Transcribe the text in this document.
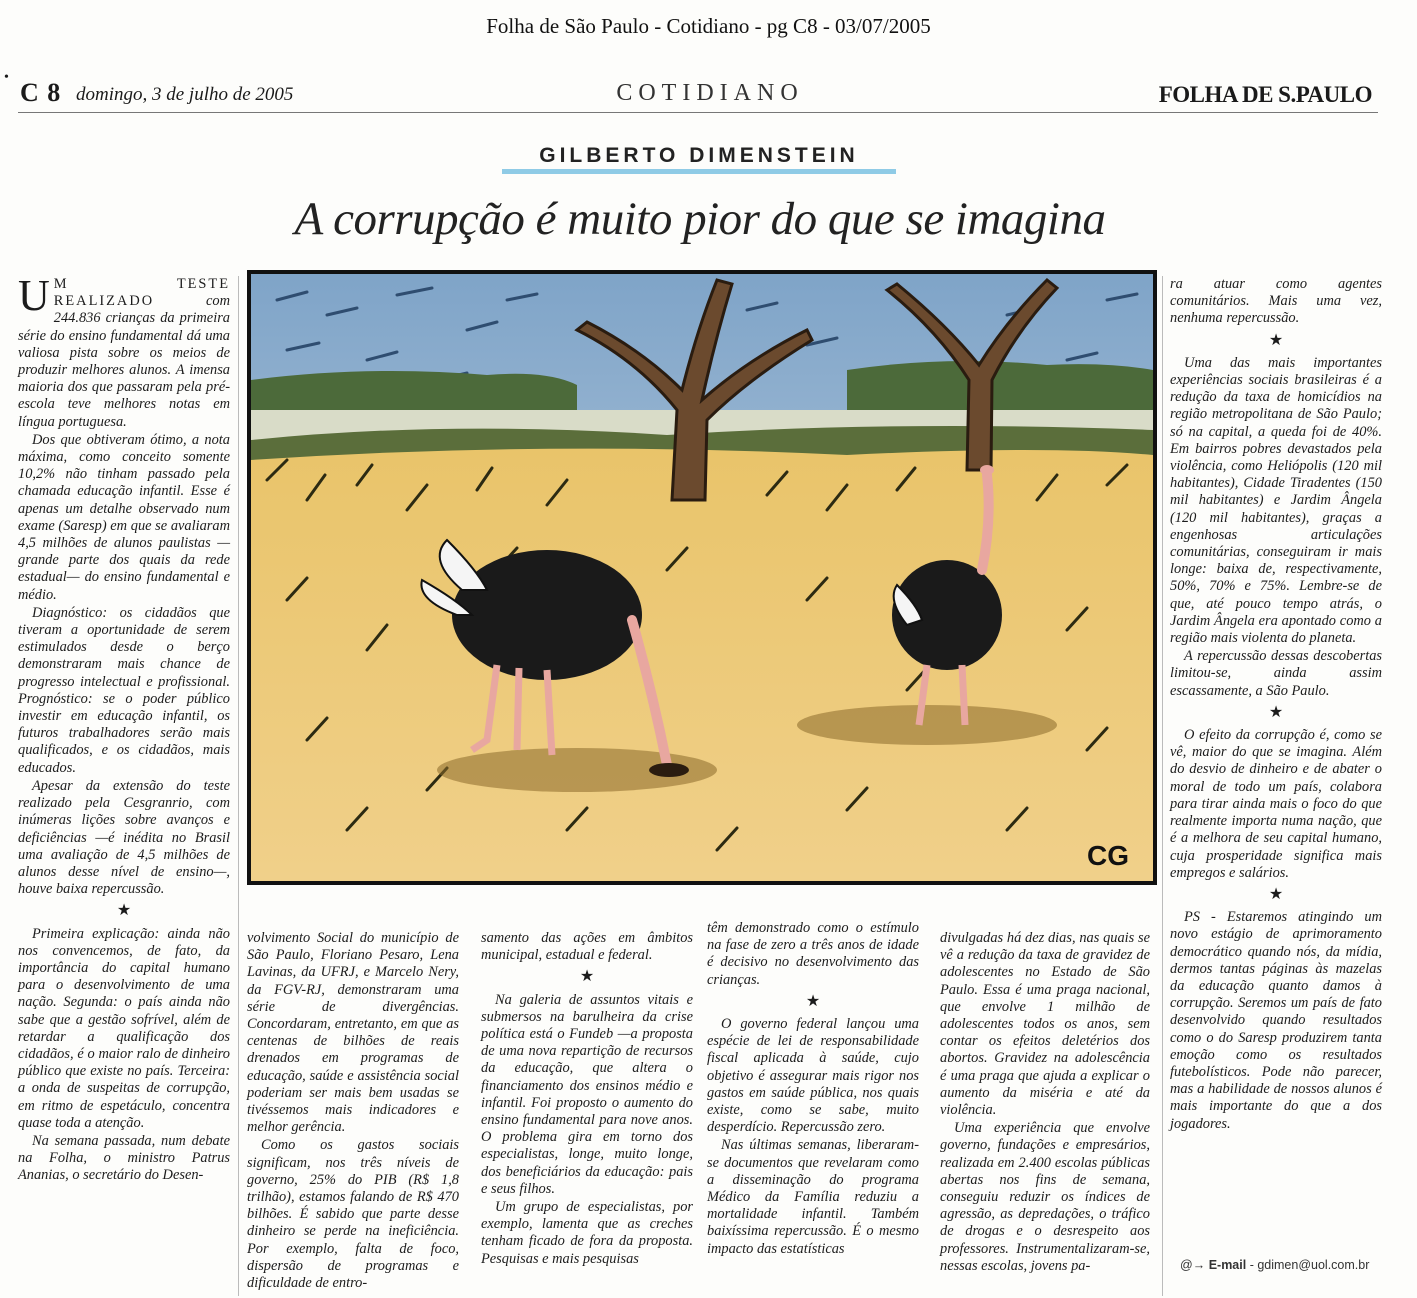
Folha de São Paulo - Cotidiano - pg C8 - 03/07/2005
•
C 8 domingo, 3 de julho de 2005	COTIDIANO	FOLHA DE S.PAULO
GILBERTO DIMENSTEIN
A corrupção é muito pior do que se imagina
CG

U M TESTE REALIZADO	com 244.836 crianças da primeira série do ensino fundamental dá uma valiosa pista sobre os meios de produzir melhores alunos. A imensa maioria dos que passaram pela pré-escola teve melhores notas em língua portuguesa.

Dos que obtiveram ótimo, a nota máxima, como conceito somente 10,2% não tinham passado pela chamada educação infantil. Esse é apenas um detalhe observado num exame (Saresp) em que se avaliaram 4,5 milhões de alunos paulistas —grande parte dos quais da rede estadual— do ensino fundamental e médio.

Diagnóstico: os cidadãos que tiveram a oportunidade de serem estimulados desde o berço demonstraram mais chance de progresso intelectual e profissional. Prognóstico: se o poder público investir em educação infantil, os futuros trabalhadores serão mais qualificados, e os cidadãos, mais educados.

Apesar da extensão do teste realizado pela Cesgranrio, com inúmeras lições sobre avanços e deficiências —é inédita no Brasil uma avaliação de 4,5 milhões de alunos desse nível de ensino—, houve baixa repercussão.

★

Primeira explicação: ainda não nos convencemos, de fato, da importância do capital humano para o desenvolvimento de uma nação. Segunda: o país ainda não sabe que a gestão sofrível, além de retardar a qualificação dos cidadãos, é o maior ralo de dinheiro público que existe no país. Terceira: a onda de suspeitas de corrupção, em ritmo de espetáculo, concentra quase toda a atenção.

Na semana passada, num debate na Folha, o ministro Patrus Ananias, o secretário do Desen-

volvimento Social do município de São Paulo, Floriano Pesaro, Lena Lavinas, da UFRJ, e Marcelo Nery, da FGV-RJ, demonstraram uma série de divergências. Concordaram, entretanto, em que as centenas de bilhões de reais drenados em programas de educação, saúde e assistência social poderiam ser mais bem usadas se tivéssemos mais indicadores e melhor gerência.

Como os gastos sociais significam, nos três níveis de governo, 25% do PIB (R$ 1,8 trilhão), estamos falando de R$ 470 bilhões. É sabido que parte desse dinheiro se perde na ineficiência. Por exemplo, falta de foco, dispersão de programas e dificuldade de entro-

samento das ações em âmbitos municipal, estadual e federal.

★

Na galeria de assuntos vitais e submersos na barulheira da crise política está o Fundeb —a proposta de uma nova repartição de recursos da educação, que altera o financiamento dos ensinos médio e infantil. Foi proposto o aumento do ensino fundamental para nove anos. O problema gira em torno dos especialistas, longe, muito longe, dos beneficiários da educação: pais e seus filhos.

Um grupo de especialistas, por exemplo, lamenta que as creches tenham ficado de fora da proposta. Pesquisas e mais pesquisas

têm demonstrado como o estímulo na fase de zero a três anos de idade é decisivo no desenvolvimento das crianças.

★

O governo federal lançou uma espécie de lei de responsabilidade fiscal aplicada à saúde, cujo objetivo é assegurar mais rigor nos gastos em saúde pública, nos quais existe, como se sabe, muito desperdício. Repercussão zero.

Nas últimas semanas, liberaram-se documentos que revelaram como a disseminação do programa Médico da Família reduziu a mortalidade infantil. Também baixíssima repercussão. É o mesmo impacto das estatísticas

divulgadas há dez dias, nas quais se vê a redução da taxa de gravidez de adolescentes no Estado de São Paulo. Essa é uma praga nacional, que envolve 1 milhão de adolescentes todos os anos, sem contar os efeitos deletérios dos abortos. Gravidez na adolescência é uma praga que ajuda a explicar o aumento da miséria e até da violência.

Uma experiência que envolve governo, fundações e empresários, realizada em 2.400 escolas públicas abertas nos fins de semana, conseguiu reduzir os índices de agressão, as depredações, o tráfico de drogas e o desrespeito aos professores. Instrumentalizaram-se, nessas escolas, jovens pa-

ra atuar como agentes comunitários. Mais uma vez, nenhuma repercussão.

★

Uma das mais importantes experiências sociais brasileiras é a redução da taxa de homicídios na região metropolitana de São Paulo; só na capital, a queda foi de 40%. Em bairros pobres devastados pela violência, como Heliópolis (120 mil habitantes), Cidade Tiradentes (150 mil habitantes) e Jardim Ângela (120 mil habitantes), graças a engenhosas articulações comunitárias, conseguiram ir mais longe: baixa de, respectivamente, 50%, 70% e 75%. Lembre-se de que, até pouco tempo atrás, o Jardim Ângela era apontado como a região mais violenta do planeta.

A repercussão dessas descobertas limitou-se, ainda assim escassamente, a São Paulo.

★

O efeito da corrupção é, como se vê, maior do que se imagina. Além do desvio de dinheiro e de abater o moral de todo um país, colabora para tirar ainda mais o foco do que realmente importa numa nação, que é a melhora de seu capital humano, cuja prosperidade significa mais empregos e salários.

★

PS - Estaremos atingindo um novo estágio de aprimoramento democrático quando nós, da mídia, dermos tantas páginas às mazelas da educação quanto damos à corrupção. Seremos um país de fato desenvolvido quando resultados como o do Saresp produzirem tanta emoção como os resultados futebolísticos. Pode não parecer, mas a habilidade de nossos alunos é mais importante do que a dos jogadores.

@→ E-mail - gdimen@uol.com.br
